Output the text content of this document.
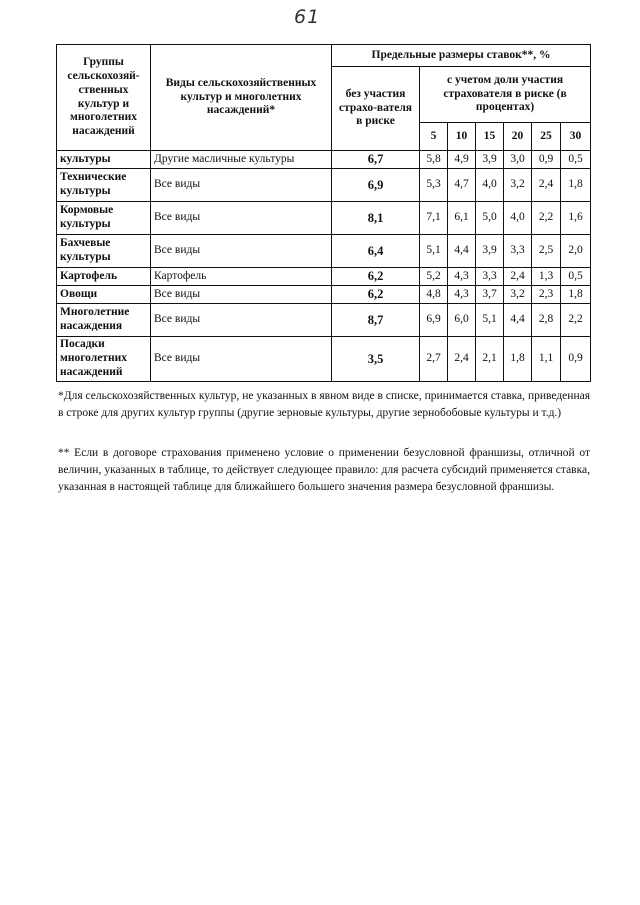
61
Группы сельскохозяй-ственных культур и многолетних насаждений	Виды сельскохозяйственных культур и многолетних насаждений*	Предельные размеры ставок**, %						
		без участия страхо-вателя в риске	с учетом доли участия страхователя в риске (в процентах)					
			5	10	15	20	25	30
культуры	Другие масличные культуры	6,7	5,8	4,9	3,9	3,0	0,9	0,5
Технические культуры	Все виды	6,9	5,3	4,7	4,0	3,2	2,4	1,8
Кормовые культуры	Все виды	8,1	7,1	6,1	5,0	4,0	2,2	1,6
Бахчевые культуры	Все виды	6,4	5,1	4,4	3,9	3,3	2,5	2,0
Картофель	Картофель	6,2	5,2	4,3	3,3	2,4	1,3	0,5
Овощи	Все виды	6,2	4,8	4,3	3,7	3,2	2,3	1,8
Многолетние насаждения	Все виды	8,7	6,9	6,0	5,1	4,4	2,8	2,2
Посадки многолетних насаждений	Все виды	3,5	2,7	2,4	2,1	1,8	1,1	0,9

*Для сельскохозяйственных культур, не указанных в явном виде в списке, принимается ставка, приведенная в строке для других культур группы (другие зерновые культуры, другие зернобобовые культуры и т.д.)

** Если в договоре страхования применено условие о применении безусловной франшизы, отличной от величин, указанных в таблице, то действует следующее правило: для расчета субсидий применяется ставка, указанная в настоящей таблице для ближайшего большего значения размера безусловной франшизы.
